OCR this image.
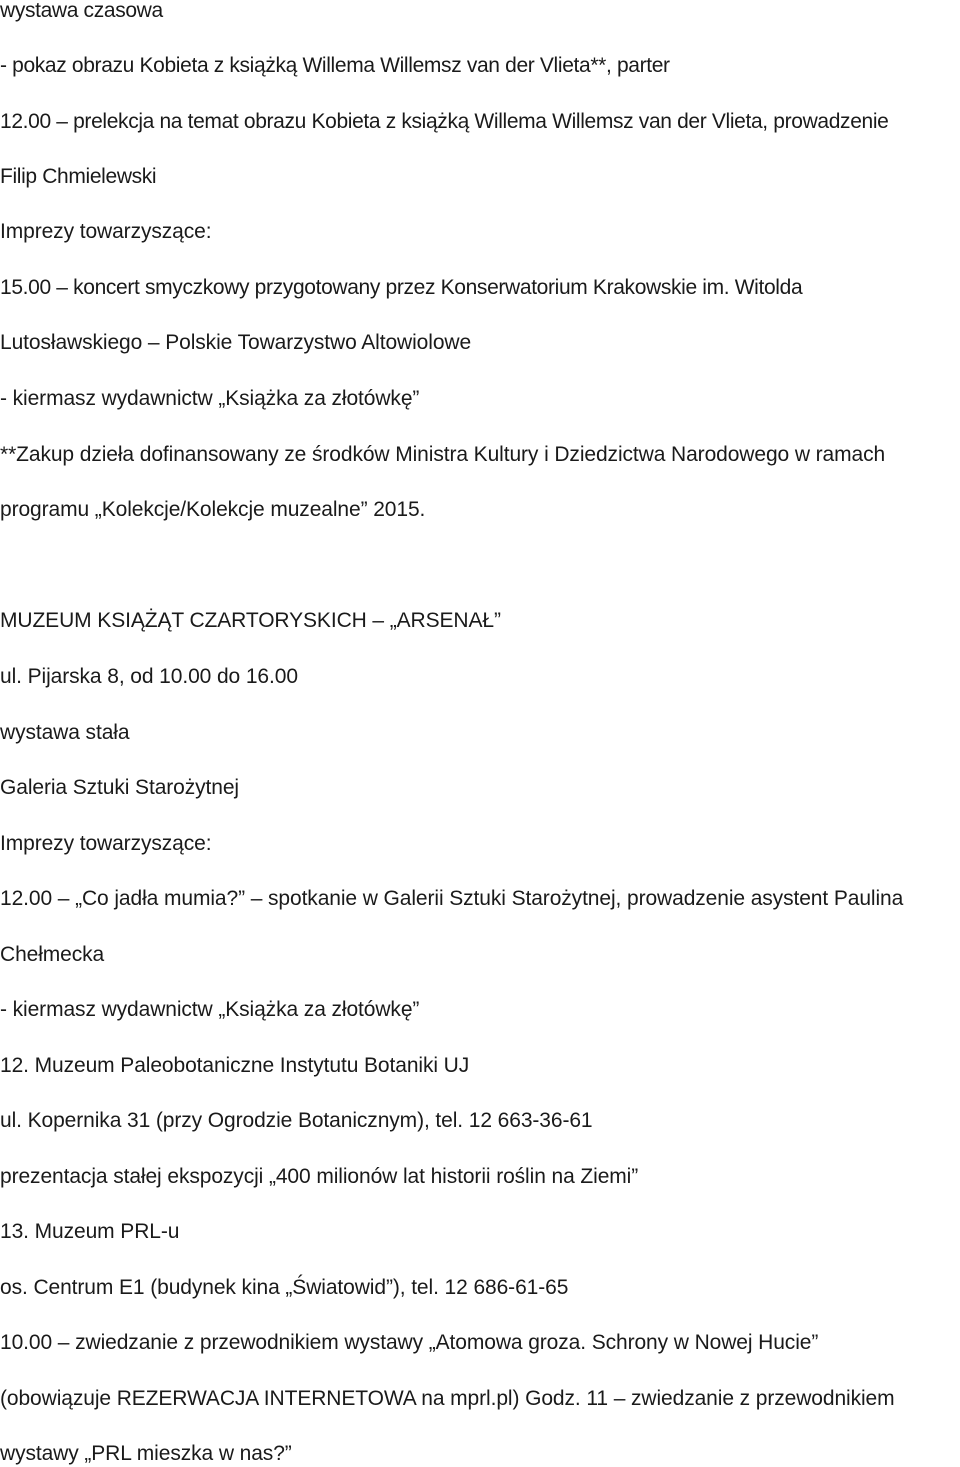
wystawa czasowa
- pokaz obrazu Kobieta z książką Willema Willemsz van der Vlieta**, parter
12.00 – prelekcja na temat obrazu Kobieta z książką Willema Willemsz van der Vlieta, prowadzenie
Filip Chmielewski
Imprezy towarzyszące:
15.00 – koncert smyczkowy przygotowany przez Konserwatorium Krakowskie im. Witolda
Lutosławskiego – Polskie Towarzystwo Altowiolowe
- kiermasz wydawnictw „Książka za złotówkę”
**Zakup dzieła dofinansowany ze środków Ministra Kultury i Dziedzictwa Narodowego w ramach
programu „Kolekcje/Kolekcje muzealne” 2015.
MUZEUM KSIĄŻĄT CZARTORYSKICH – „ARSENAŁ”
ul. Pijarska 8, od 10.00 do 16.00
wystawa stała
Galeria Sztuki Starożytnej
Imprezy towarzyszące:
12.00 – „Co jadła mumia?” – spotkanie w Galerii Sztuki Starożytnej, prowadzenie asystent Paulina
Chełmecka
- kiermasz wydawnictw „Książka za złotówkę”
12. Muzeum Paleobotaniczne Instytutu Botaniki UJ
ul. Kopernika 31 (przy Ogrodzie Botanicznym), tel. 12 663-36-61
prezentacja stałej ekspozycji „400 milionów lat historii roślin na Ziemi”
13. Muzeum PRL-u
os. Centrum E1 (budynek kina „Światowid”), tel. 12 686-61-65
10.00 – zwiedzanie z przewodnikiem wystawy „Atomowa groza. Schrony w Nowej Hucie”
(obowiązuje REZERWACJA INTERNETOWA na mprl.pl) Godz. 11 – zwiedzanie z przewodnikiem
wystawy „PRL mieszka w nas?”
